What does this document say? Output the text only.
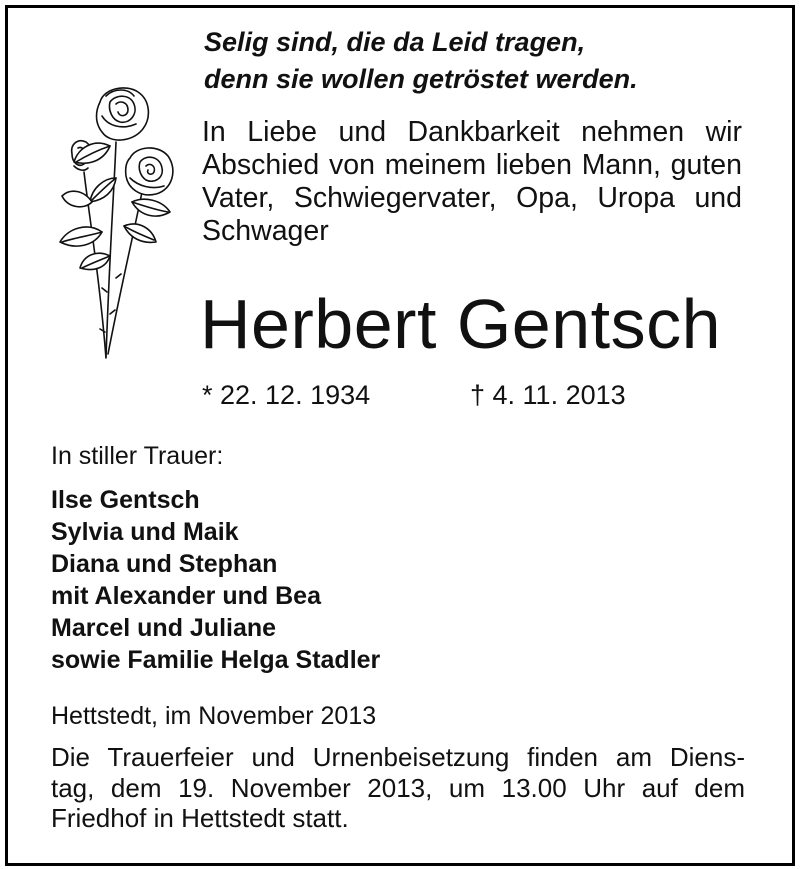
Selig sind, die da Leid tragen,
denn sie wollen getröstet werden.
In Liebe und Dankbarkeit nehmen wir
Abschied von meinem lieben Mann, guten
Vater, Schwiegervater, Opa, Uropa und
Schwager
Herbert Gentsch
* 22. 12. 1934	† 4. 11. 2013
In stiller Trauer:
Ilse Gentsch
Sylvia und Maik
Diana und Stephan
mit Alexander und Bea
Marcel und Juliane
sowie Familie Helga Stadler
Hettstedt, im November 2013
Die Trauerfeier und Urnenbeisetzung finden am Diens-
tag, dem 19. November 2013, um 13.00 Uhr auf dem
Friedhof in Hettstedt statt.
